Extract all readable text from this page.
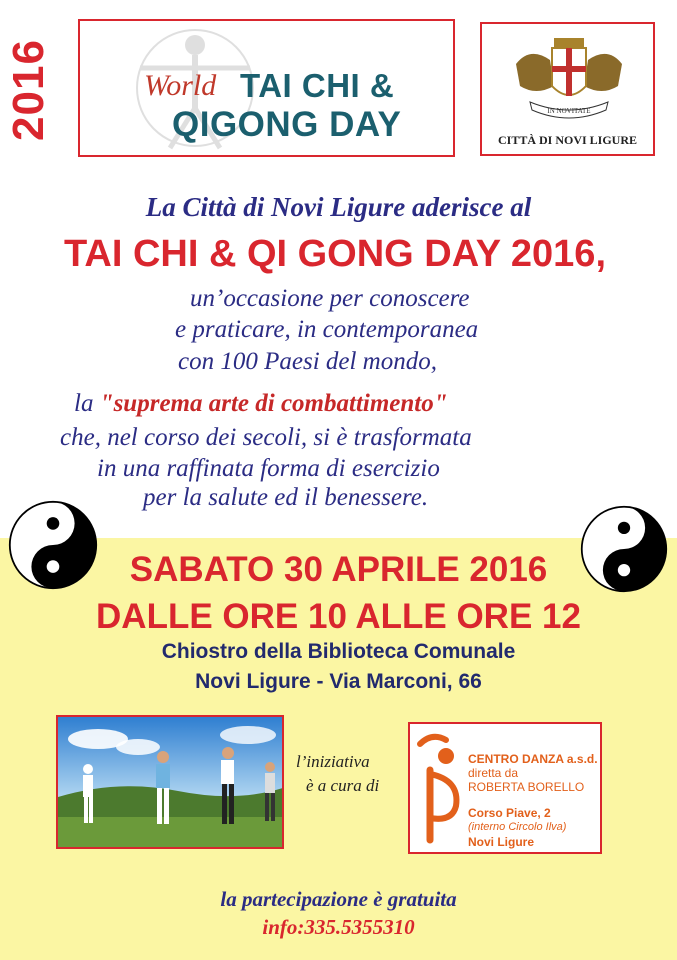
2016	World TAI CHI &
QIGONG DAY	IN NOVITATE
CITTÀ DI NOVI LIGURE
La Città di Novi Ligure aderisce al
TAI CHI & QI GONG DAY 2016,
un’occasione per conoscere
e praticare, in contemporanea
con 100 Paesi del mondo,
la "suprema arte di combattimento"
che, nel corso dei secoli, si è trasformata
in una raffinata forma di esercizio
per la salute ed il benessere.
SABATO 30 APRILE 2016
DALLE ORE 10 ALLE ORE 12
Chiostro della Biblioteca Comunale
Novi Ligure - Via Marconi, 66
l’iniziativa
è a cura di
CENTRO DANZA a.s.d.
diretta da
ROBERTA BORELLO
Corso Piave, 2
(interno Circolo Ilva)
Novi Ligure
la partecipazione è gratuita
info:335.5355310
